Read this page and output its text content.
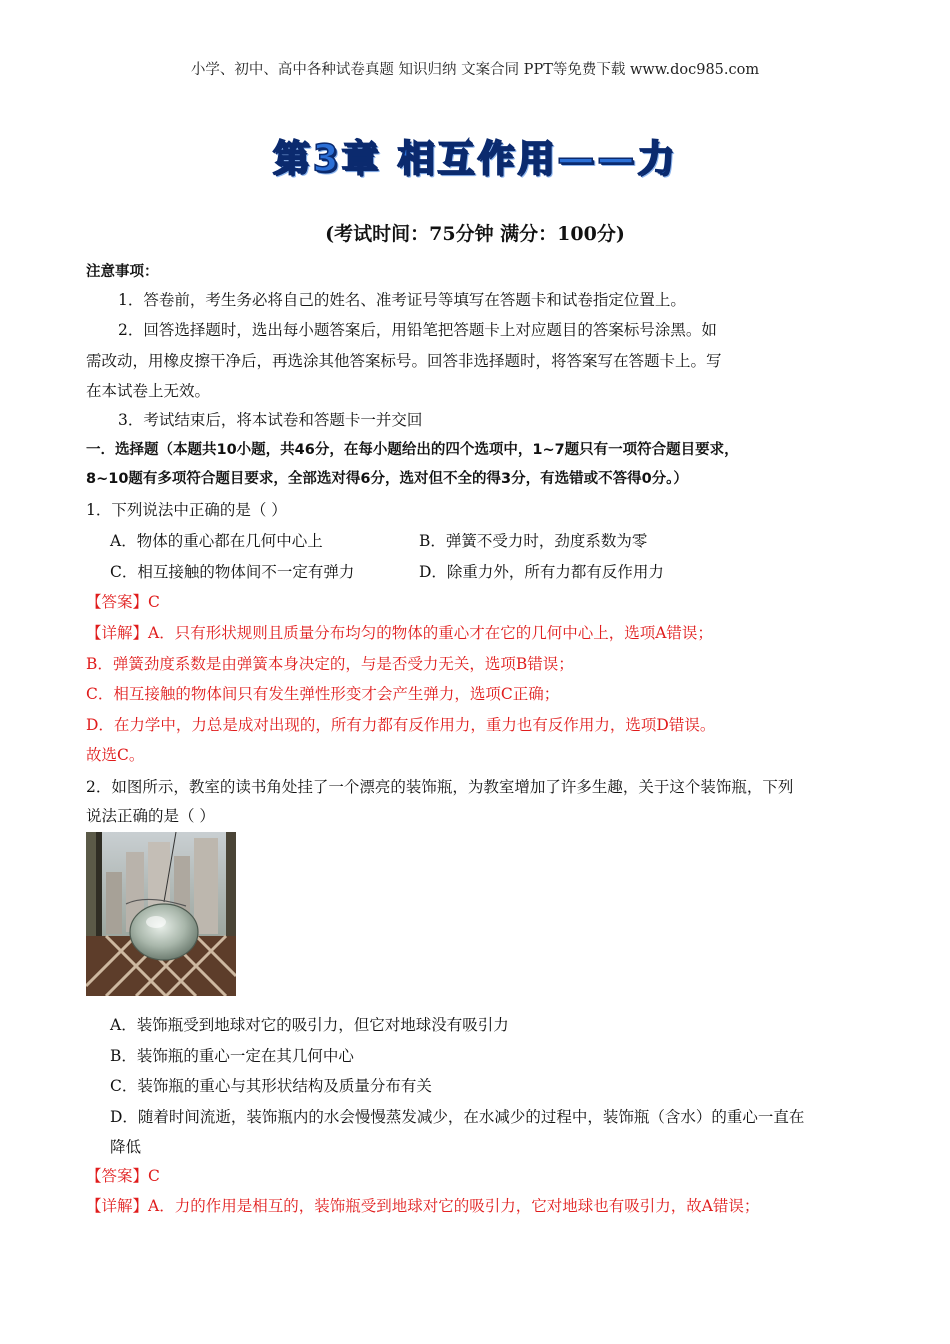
小学、初中、高中各种试卷真题 知识归纳 文案合同 PPT等免费下载 www.doc985.com
第3章 相互作用——力
(考试时间：75分钟 满分：100分)
注意事项：
1．答卷前，考生务必将自己的姓名、准考证号等填写在答题卡和试卷指定位置上。
2．回答选择题时，选出每小题答案后，用铅笔把答题卡上对应题目的答案标号涂黑。如
需改动，用橡皮擦干净后，再选涂其他答案标号。回答非选择题时，将答案写在答题卡上。写
在本试卷上无效。
3．考试结束后，将本试卷和答题卡一并交回
一．选择题（本题共10小题，共46分，在每小题给出的四个选项中，1~7题只有一项符合题目要求，
8~10题有多项符合题目要求，全部选对得6分，选对但不全的得3分，有选错或不答得0分。）
1．下列说法中正确的是（ ）
A．物体的重心都在几何中心上	B．弹簧不受力时，劲度系数为零
C．相互接触的物体间不一定有弹力	D．除重力外，所有力都有反作用力
【答案】C
【详解】A．只有形状规则且质量分布均匀的物体的重心才在它的几何中心上，选项A错误；
B．弹簧劲度系数是由弹簧本身决定的，与是否受力无关，选项B错误；
C．相互接触的物体间只有发生弹性形变才会产生弹力，选项C正确；
D．在力学中，力总是成对出现的，所有力都有反作用力，重力也有反作用力，选项D错误。
故选C。
2．如图所示，教室的读书角处挂了一个漂亮的装饰瓶，为教室增加了许多生趣，关于这个装饰瓶，下列
说法正确的是（ ）
A．装饰瓶受到地球对它的吸引力，但它对地球没有吸引力
B．装饰瓶的重心一定在其几何中心
C．装饰瓶的重心与其形状结构及质量分布有关
D．随着时间流逝，装饰瓶内的水会慢慢蒸发减少，在水减少的过程中，装饰瓶（含水）的重心一直在
降低
【答案】C
【详解】A．力的作用是相互的，装饰瓶受到地球对它的吸引力，它对地球也有吸引力，故A错误；
